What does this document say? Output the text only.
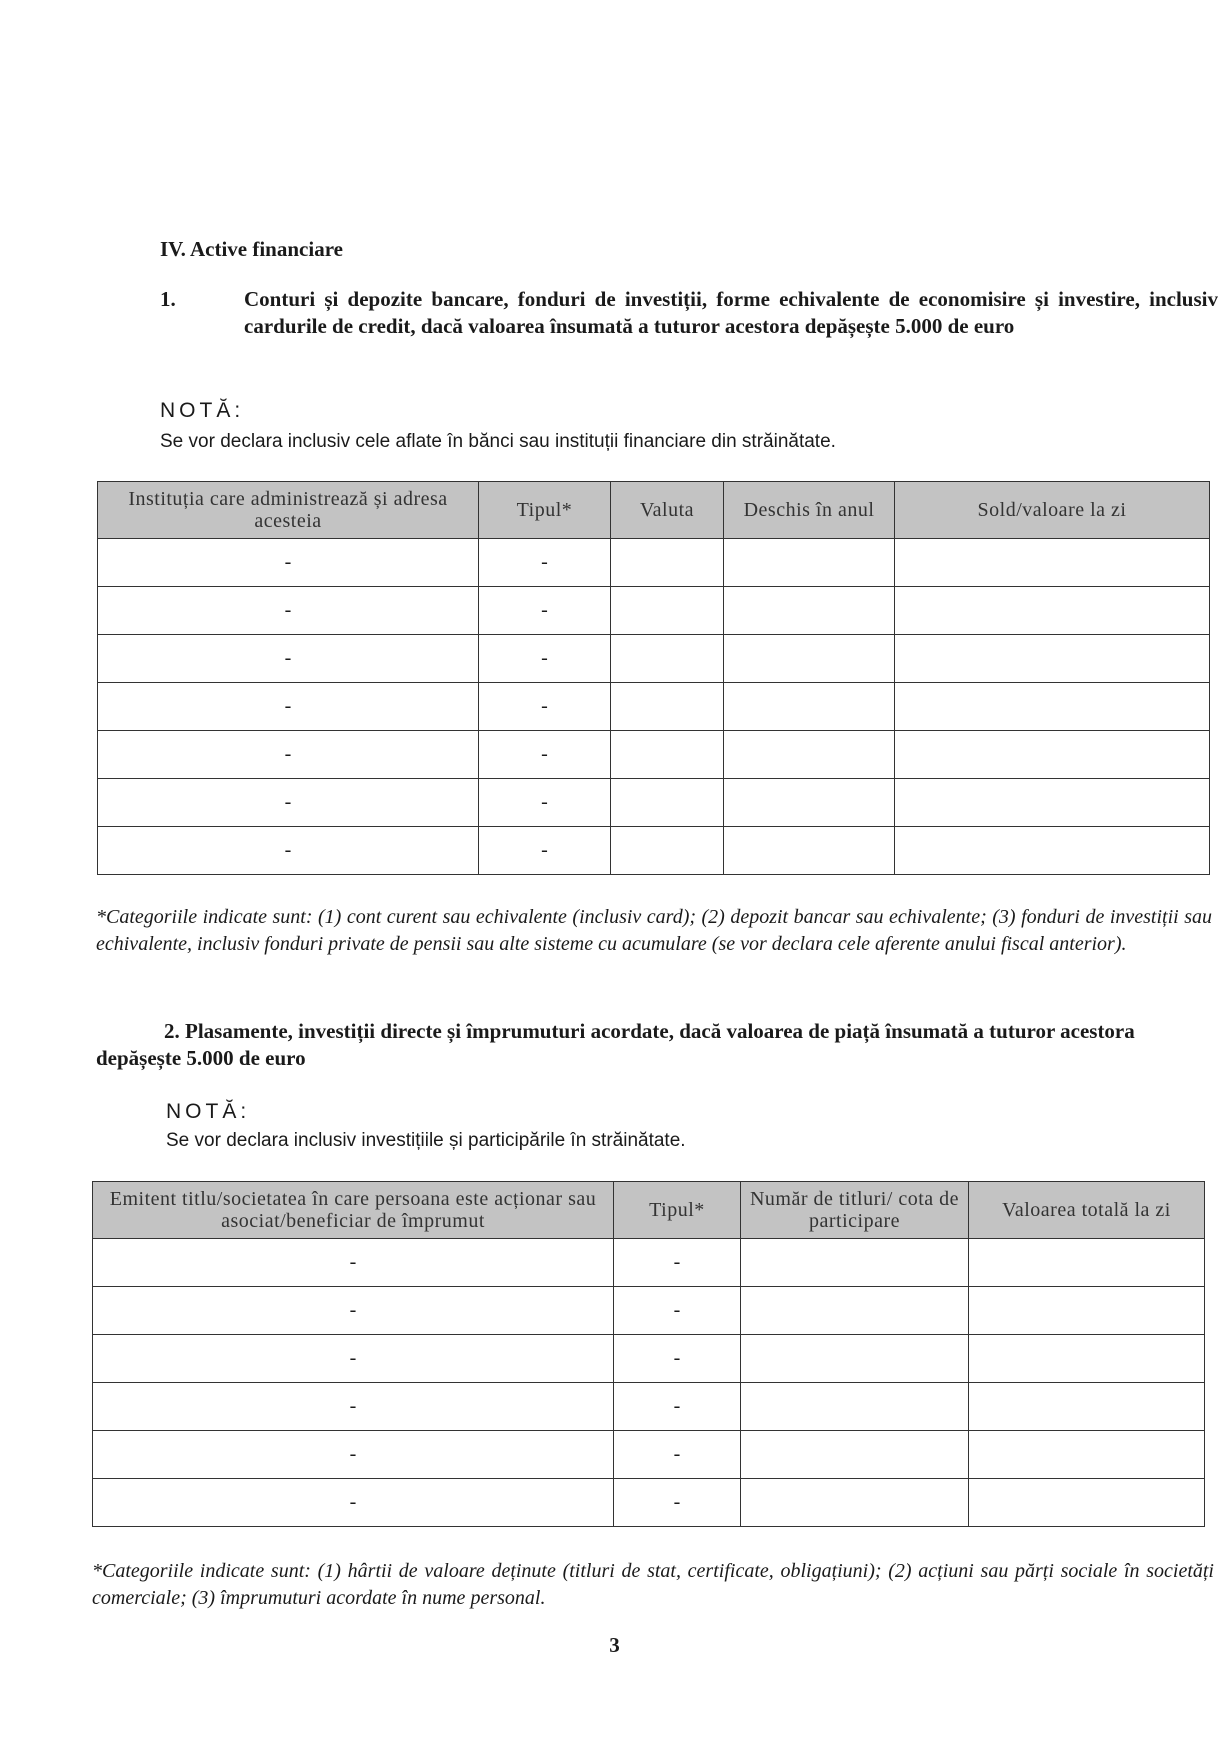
IV. Active financiare
1.	Conturi și depozite bancare, fonduri de investiții, forme echivalente de economisire și investire, inclusiv cardurile de credit, dacă valoarea însumată a tuturor acestora depășește 5.000 de euro
NOTĂ:
Se vor declara inclusiv cele aflate în bănci sau instituții financiare din străinătate.
Instituția care administrează și adresa acesteia	Tipul*	Valuta	Deschis în anul	Sold/valoare la zi
-	-			
-	-			
-	-			
-	-			
-	-			
-	-			
-	-			
*Categoriile indicate sunt: (1) cont curent sau echivalente (inclusiv card); (2) depozit bancar sau echivalente; (3) fonduri de investiții sau echivalente, inclusiv fonduri private de pensii sau alte sisteme cu acumulare (se vor declara cele aferente anului fiscal anterior).
2. Plasamente, investiții directe și împrumuturi acordate, dacă valoarea de piață însumată a tuturor acestora depășește 5.000 de euro
NOTĂ:
Se vor declara inclusiv investițiile și participările în străinătate.
Emitent titlu/societatea în care persoana este acționar sau asociat/beneficiar de împrumut	Tipul*	Număr de titluri/ cota de participare	Valoarea totală la zi
-	-		
-	-		
-	-		
-	-		
-	-		
-	-		
*Categoriile indicate sunt: (1) hârtii de valoare deținute (titluri de stat, certificate, obligațiuni); (2) acțiuni sau părți sociale în societăți comerciale; (3) împrumuturi acordate în nume personal.
3
